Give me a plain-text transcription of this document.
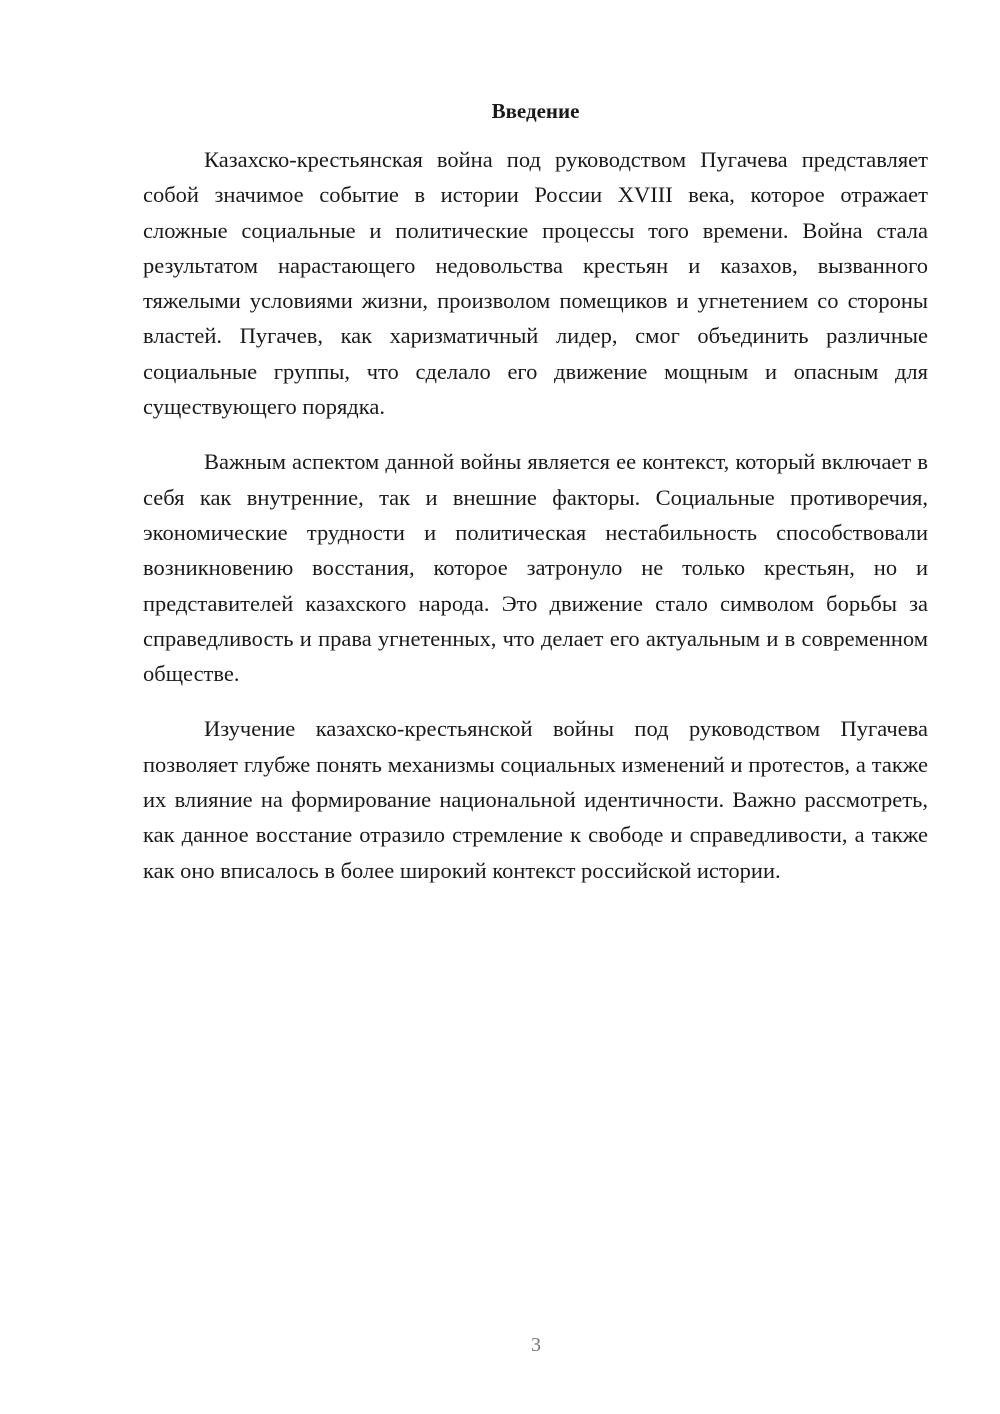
Введение

Казахско-крестьянская война под руководством Пугачева представляет собой значимое событие в истории России XVIII века, которое отражает сложные социальные и политические процессы того времени. Война стала результатом нарастающего недовольства крестьян и казахов, вызванного тяжелыми условиями жизни, произволом помещиков и угнетением со стороны властей. Пугачев, как харизматичный лидер, смог объединить различные социальные группы, что сделало его движение мощным и опасным для существующего порядка.

Важным аспектом данной войны является ее контекст, который включает в себя как внутренние, так и внешние факторы. Социальные противоречия, экономические трудности и политическая нестабильность способствовали возникновению восстания, которое затронуло не только крестьян, но и представителей казахского народа. Это движение стало символом борьбы за справедливость и права угнетенных, что делает его актуальным и в современном обществе.

Изучение казахско-крестьянской войны под руководством Пугачева позволяет глубже понять механизмы социальных изменений и протестов, а также их влияние на формирование национальной идентичности. Важно рассмотреть, как данное восстание отразило стремление к свободе и справедливости, а также как оно вписалось в более широкий контекст российской истории.

3
